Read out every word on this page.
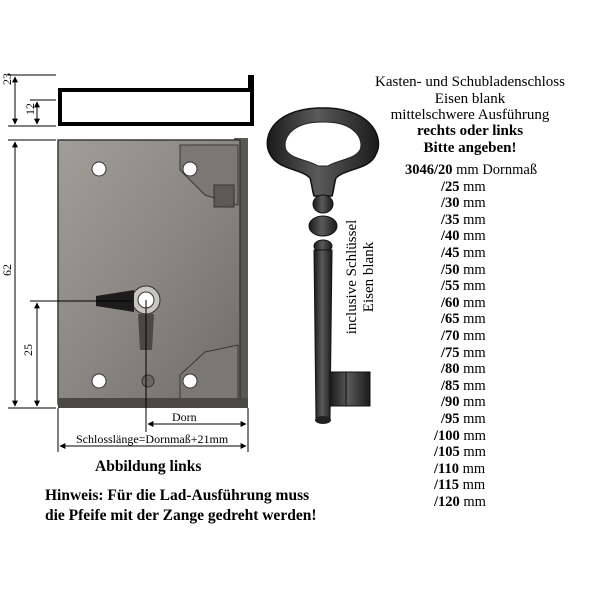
23
12
62
25
Dorn
Schlosslänge=Dornmaß+21mm
inclusive Schlüssel Eisen blank
Kasten- und Schubladenschloss
Eisen blank
mittelschwere Ausführung
rechts oder links
Bitte angeben!
3046/20 mm Dornmaß
/25 mm
/30 mm
/35 mm
/40 mm
/45 mm
/50 mm
/55 mm
/60 mm
/65 mm
/70 mm
/75 mm
/80 mm
/85 mm
/90 mm
/95 mm
/100 mm
/105 mm
/110 mm
/115 mm
/120 mm
Abbildung links
Hinweis: Für die Lad-Ausführung muss
die Pfeife mit der Zange gedreht werden!
